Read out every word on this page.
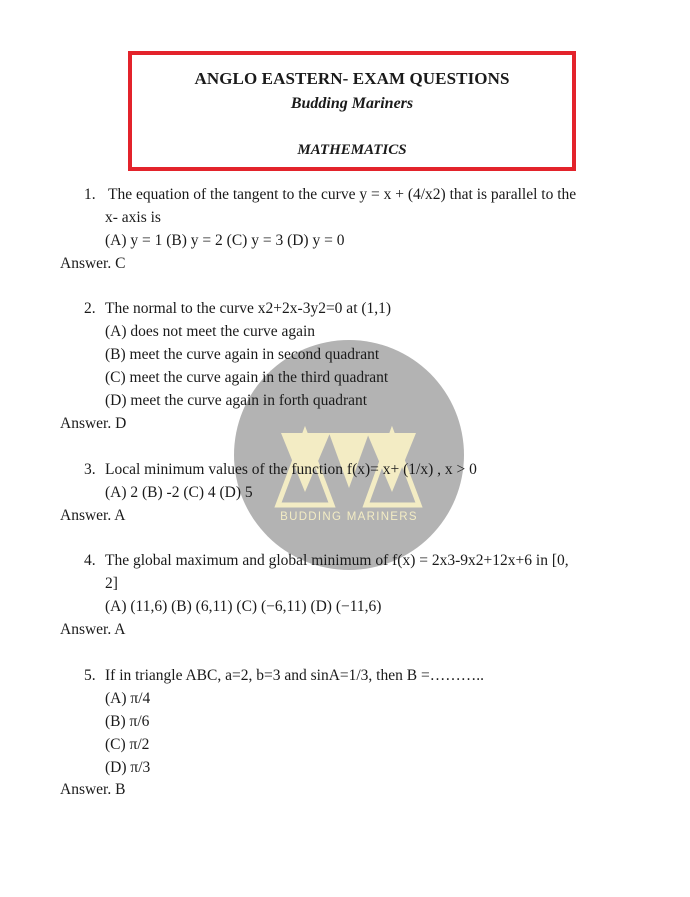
ANGLO EASTERN- EXAM QUESTIONS
Budding Mariners
MATHEMATICS
BUDDING MARINERS
1. The equation of the tangent to the curve y = x + (4/x2) that is parallel to the
x- axis is
(A) y = 1 (B) y = 2 (C) y = 3 (D) y = 0
Answer. C
2. The normal to the curve x2+2x-3y2=0 at (1,1)
(A) does not meet the curve again
(B) meet the curve again in second quadrant
(C) meet the curve again in the third quadrant
(D) meet the curve again in forth quadrant
Answer. D
3. Local minimum values of the function f(x)= x+ (1/x) , x > 0
(A) 2 (B) -2 (C) 4 (D) 5
Answer. A
4. The global maximum and global minimum of f(x) = 2x3-9x2+12x+6 in [0,
2]
(A) (11,6) (B) (6,11) (C) (−6,11) (D) (−11,6)
Answer. A
5. If in triangle ABC, a=2, b=3 and sinA=1/3, then B =………..
(A) π/4
(B) π/6
(C) π/2
(D) π/3
Answer. B
